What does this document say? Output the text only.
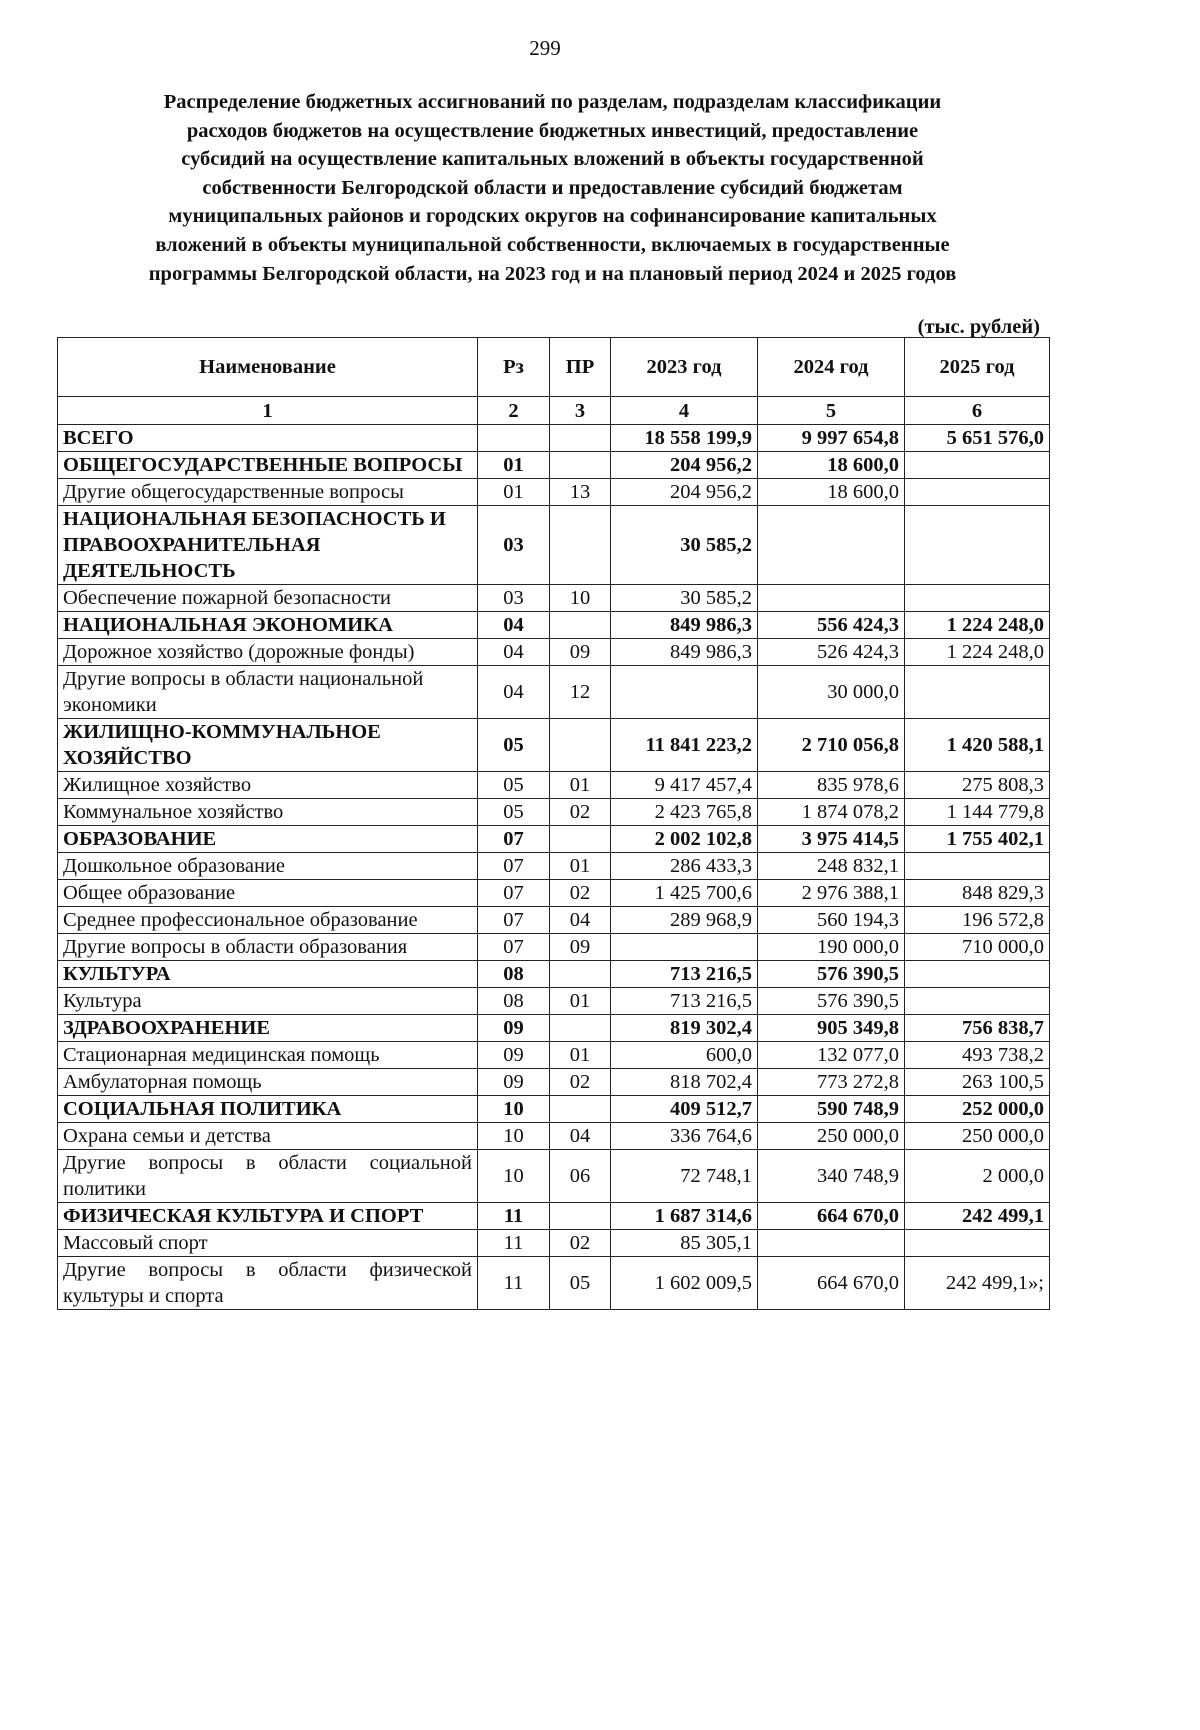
299
Распределение бюджетных ассигнований по разделам, подразделам классификации
расходов бюджетов на осуществление бюджетных инвестиций, предоставление
субсидий на осуществление капитальных вложений в объекты государственной
собственности Белгородской области и предоставление субсидий бюджетам
муниципальных районов и городских округов на софинансирование капитальных
вложений в объекты муниципальной собственности, включаемых в государственные
программы Белгородской области, на 2023 год и на плановый период 2024 и 2025 годов
(тыс. рублей)
Наименование	Рз	ПР	2023 год	2024 год	2025 год
1	2	3	4	5	6
ВСЕГО			18 558 199,9	9 997 654,8	5 651 576,0
ОБЩЕГОСУДАРСТВЕННЫЕ ВОПРОСЫ	01		204 956,2	18 600,0	
Другие общегосударственные вопросы	01	13	204 956,2	18 600,0	
НАЦИОНАЛЬНАЯ БЕЗОПАСНОСТЬ И ПРАВООХРАНИТЕЛЬНАЯ ДЕЯТЕЛЬНОСТЬ	03		30 585,2		
Обеспечение пожарной безопасности	03	10	30 585,2		
НАЦИОНАЛЬНАЯ ЭКОНОМИКА	04		849 986,3	556 424,3	1 224 248,0
Дорожное хозяйство (дорожные фонды)	04	09	849 986,3	526 424,3	1 224 248,0
Другие вопросы в области национальной экономики	04	12		30 000,0	
ЖИЛИЩНО-КОММУНАЛЬНОЕ ХОЗЯЙСТВО	05		11 841 223,2	2 710 056,8	1 420 588,1
Жилищное хозяйство	05	01	9 417 457,4	835 978,6	275 808,3
Коммунальное хозяйство	05	02	2 423 765,8	1 874 078,2	1 144 779,8
ОБРАЗОВАНИЕ	07		2 002 102,8	3 975 414,5	1 755 402,1
Дошкольное образование	07	01	286 433,3	248 832,1	
Общее образование	07	02	1 425 700,6	2 976 388,1	848 829,3
Среднее профессиональное образование	07	04	289 968,9	560 194,3	196 572,8
Другие вопросы в области образования	07	09		190 000,0	710 000,0
КУЛЬТУРА	08		713 216,5	576 390,5	
Культура	08	01	713 216,5	576 390,5	
ЗДРАВООХРАНЕНИЕ	09		819 302,4	905 349,8	756 838,7
Стационарная медицинская помощь	09	01	600,0	132 077,0	493 738,2
Амбулаторная помощь	09	02	818 702,4	773 272,8	263 100,5
СОЦИАЛЬНАЯ ПОЛИТИКА	10		409 512,7	590 748,9	252 000,0
Охрана семьи и детства	10	04	336 764,6	250 000,0	250 000,0
Другие вопросы в области социальной политики	10	06	72 748,1	340 748,9	2 000,0
ФИЗИЧЕСКАЯ КУЛЬТУРА И СПОРТ	11		1 687 314,6	664 670,0	242 499,1
Массовый спорт	11	02	85 305,1		
Другие вопросы в области физической культуры и спорта	11	05	1 602 009,5	664 670,0	242 499,1»;
